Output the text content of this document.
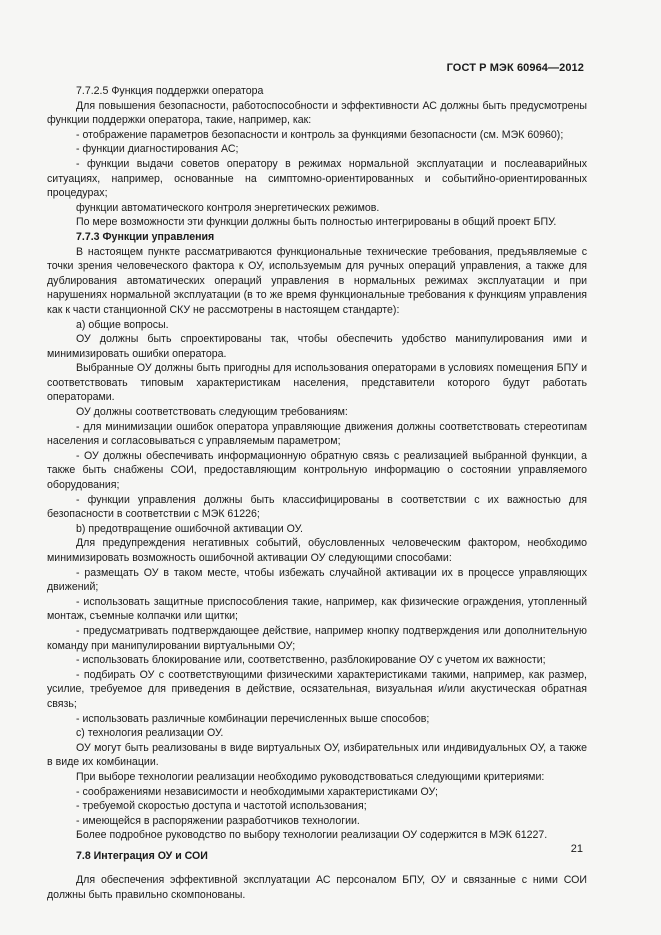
ГОСТ Р МЭК 60964—2012

7.7.2.5 Функция поддержки оператора

Для повышения безопасности, работоспособности и эффективности АС должны быть предусмотрены функции поддержки оператора, такие, например, как:

- отображение параметров безопасности и контроль за функциями безопасности (см. МЭК 60960);

- функции диагностирования АС;

- функции выдачи советов оператору в режимах нормальной эксплуатации и послеаварийных ситуациях, например, основанные на симптомно-ориентированных и событийно-ориентированных процедурах;

функции автоматического контроля энергетических режимов.

По мере возможности эти функции должны быть полностью интегрированы в общий проект БПУ.

7.7.3 Функции управления

В настоящем пункте рассматриваются функциональные технические требования, предъявляемые с точки зрения человеческого фактора к ОУ, используемым для ручных операций управления, а также для дублирования автоматических операций управления в нормальных режимах эксплуатации и при нарушениях нормальной эксплуатации (в то же время функциональные требования к функциям управления как к части станционной СКУ не рассмотрены в настоящем стандарте):

а) общие вопросы.

ОУ должны быть спроектированы так, чтобы обеспечить удобство манипулирования ими и минимизировать ошибки оператора.

Выбранные ОУ должны быть пригодны для использования операторами в условиях помещения БПУ и соответствовать типовым характеристикам населения, представители которого будут работать операторами.

ОУ должны соответствовать следующим требованиям:

- для минимизации ошибок оператора управляющие движения должны соответствовать стереотипам населения и согласовываться с управляемым параметром;

- ОУ должны обеспечивать информационную обратную связь с реализацией выбранной функции, а также быть снабжены СОИ, предоставляющим контрольную информацию о состоянии управляемого оборудования;

- функции управления должны быть классифицированы в соответствии с их важностью для безопасности в соответствии с МЭК 61226;

b) предотвращение ошибочной активации ОУ.

Для предупреждения негативных событий, обусловленных человеческим фактором, необходимо минимизировать возможность ошибочной активации ОУ следующими способами:

- размещать ОУ в таком месте, чтобы избежать случайной активации их в процессе управляющих движений;

- использовать защитные приспособления такие, например, как физические ограждения, утопленный монтаж, съемные колпачки или щитки;

- предусматривать подтверждающее действие, например кнопку подтверждения или дополнительную команду при манипулировании виртуальными ОУ;

- использовать блокирование или, соответственно, разблокирование ОУ с учетом их важности;

- подбирать ОУ с соответствующими физическими характеристиками такими, например, как размер, усилие, требуемое для приведения в действие, осязательная, визуальная и/или акустическая обратная связь;

- использовать различные комбинации перечисленных выше способов;

с) технология реализации ОУ.

ОУ могут быть реализованы в виде виртуальных ОУ, избирательных или индивидуальных ОУ, а также в виде их комбинации.

При выборе технологии реализации необходимо руководствоваться следующими критериями:

- соображениями независимости и необходимыми характеристиками ОУ;

- требуемой скоростью доступа и частотой использования;

- имеющейся в распоряжении разработчиков технологии.

Более подробное руководство по выбору технологии реализации ОУ содержится в МЭК 61227.

7.8 Интеграция ОУ и СОИ

Для обеспечения эффективной эксплуатации АС персоналом БПУ, ОУ и связанные с ними СОИ должны быть правильно скомпонованы.

21
